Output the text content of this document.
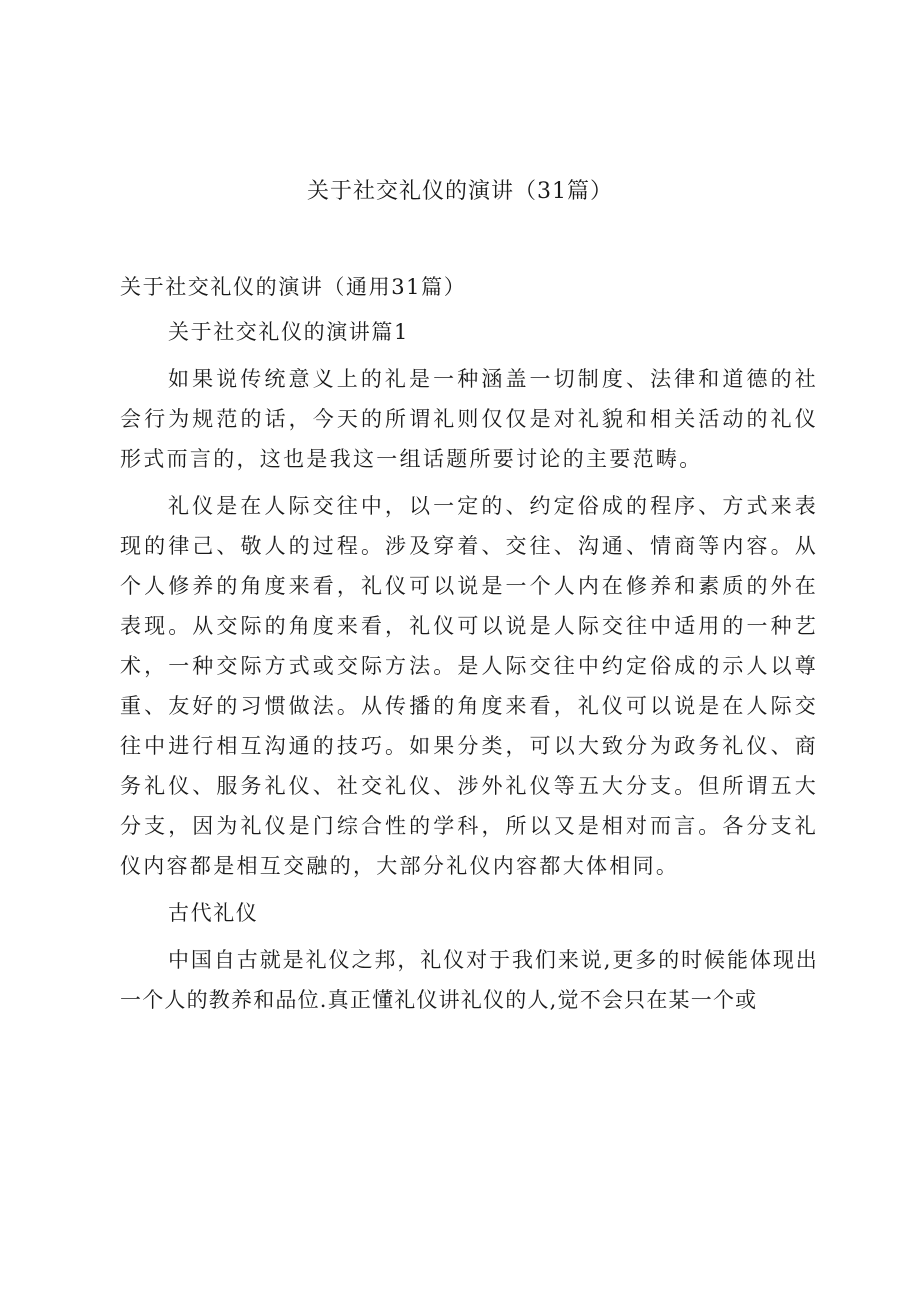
关于社交礼仪的演讲（31篇）

关于社交礼仪的演讲（通用31篇）

关于社交礼仪的演讲篇1

如果说传统意义上的礼是一种涵盖一切制度、法律和道德的社会行为规范的话，今天的所谓礼则仅仅是对礼貌和相关活动的礼仪形式而言的，这也是我这一组话题所要讨论的主要范畴。

礼仪是在人际交往中，以一定的、约定俗成的程序、方式来表现的律己、敬人的过程。涉及穿着、交往、沟通、情商等内容。从个人修养的角度来看，礼仪可以说是一个人内在修养和素质的外在表现。从交际的角度来看，礼仪可以说是人际交往中适用的一种艺术，一种交际方式或交际方法。是人际交往中约定俗成的示人以尊重、友好的习惯做法。从传播的角度来看，礼仪可以说是在人际交往中进行相互沟通的技巧。如果分类，可以大致分为政务礼仪、商务礼仪、服务礼仪、社交礼仪、涉外礼仪等五大分支。但所谓五大分支，因为礼仪是门综合性的学科，所以又是相对而言。各分支礼仪内容都是相互交融的，大部分礼仪内容都大体相同。

古代礼仪

中国自古就是礼仪之邦，礼仪对于我们来说,更多的时候能体现出一个人的教养和品位.真正懂礼仪讲礼仪的人,觉不会只在某一个或
